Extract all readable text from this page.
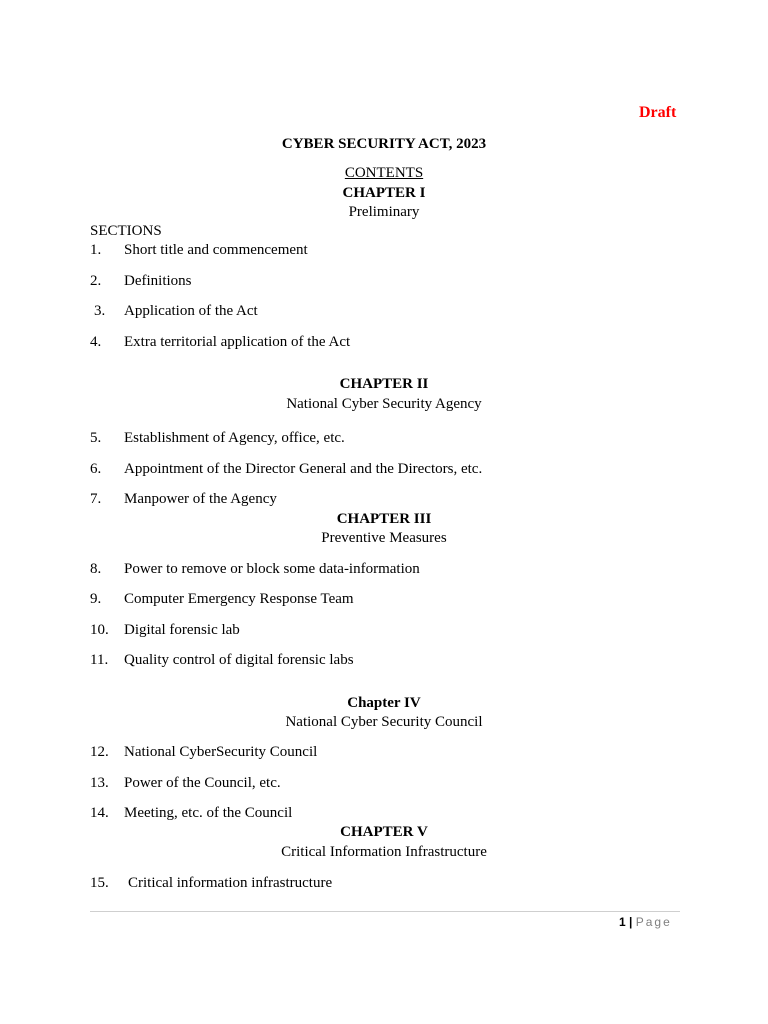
Draft
CYBER SECURITY ACT, 2023
CONTENTS
CHAPTER I
Preliminary
SECTIONS
1. Short title and commencement
2. Definitions
3. Application of the Act
4. Extra territorial application of the Act
CHAPTER II
National Cyber Security Agency
5. Establishment of Agency, office, etc.
6. Appointment of the Director General and the Directors, etc.
7. Manpower of the Agency
CHAPTER III
Preventive Measures
8. Power to remove or block some data-information
9. Computer Emergency Response Team
10. Digital forensic lab
11. Quality control of digital forensic labs
Chapter IV
National Cyber Security Council
12. National CyberSecurity Council
13. Power of the Council, etc.
14. Meeting, etc. of the Council
CHAPTER V
Critical Information Infrastructure
15. Critical information infrastructure
1 | Page
